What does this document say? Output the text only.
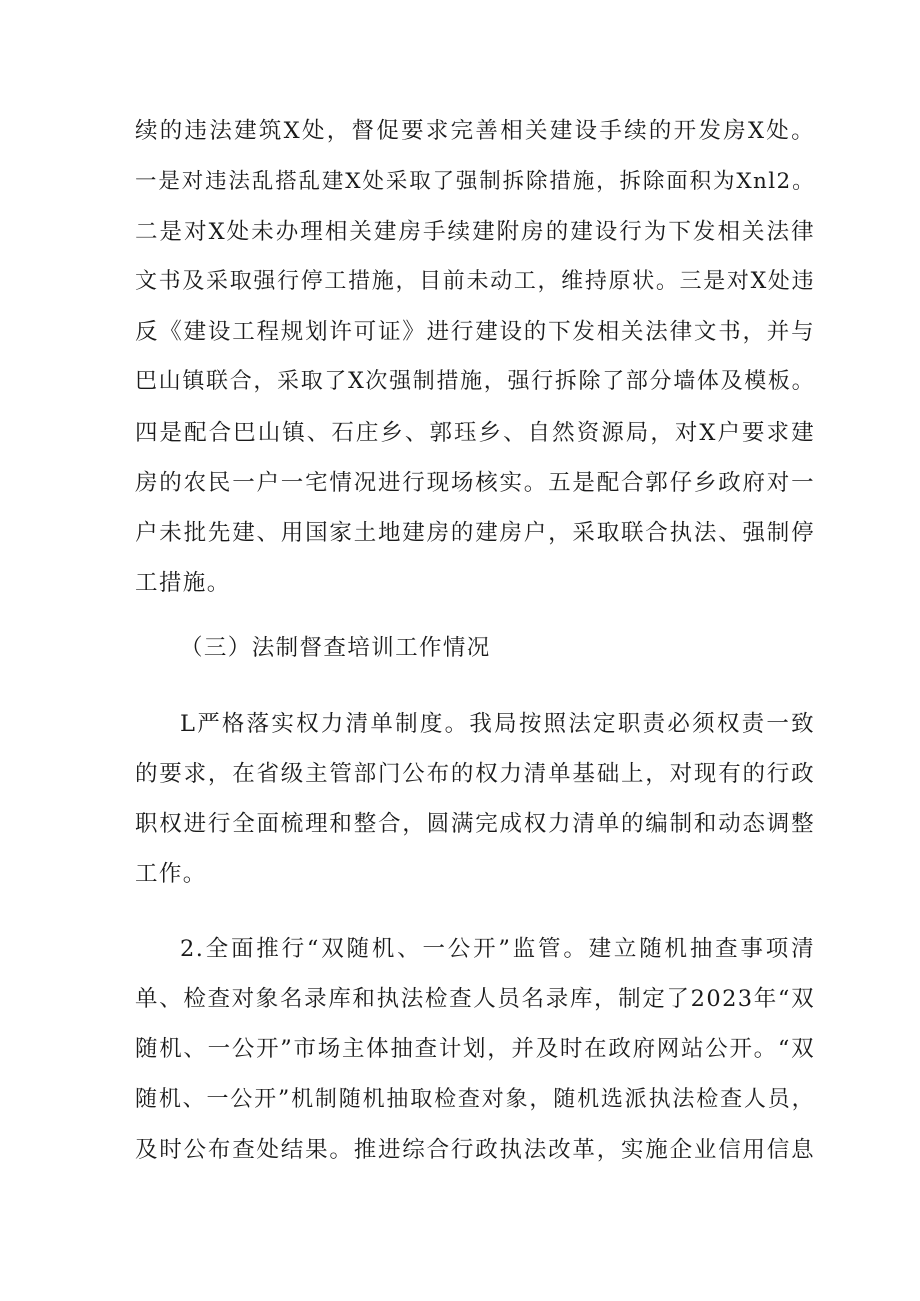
续的违法建筑X处，督促要求完善相关建设手续的开发房X处。
一是对违法乱搭乱建X处采取了强制拆除措施，拆除面积为Xnl2。
二是对X处未办理相关建房手续建附房的建设行为下发相关法律
文书及采取强行停工措施，目前未动工，维持原状。三是对X处违
反《建设工程规划许可证》进行建设的下发相关法律文书，并与
巴山镇联合，采取了X次强制措施，强行拆除了部分墙体及模板。
四是配合巴山镇、石庄乡、郭珏乡、自然资源局，对X户要求建
房的农民一户一宅情况进行现场核实。五是配合郭仔乡政府对一
户未批先建、用国家土地建房的建房户，采取联合执法、强制停
工措施。
（三）法制督查培训工作情况
L严格落实权力清单制度。我局按照法定职责必须权责一致
的要求，在省级主管部门公布的权力清单基础上，对现有的行政
职权进行全面梳理和整合，圆满完成权力清单的编制和动态调整
工作。
2.全面推行“双随机、一公开”监管。建立随机抽查事项清
单、检查对象名录库和执法检查人员名录库，制定了2023年“双
随机、一公开”市场主体抽查计划，并及时在政府网站公开。“双
随机、一公开”机制随机抽取检查对象，随机选派执法检查人员，
及时公布查处结果。推进综合行政执法改革，实施企业信用信息
